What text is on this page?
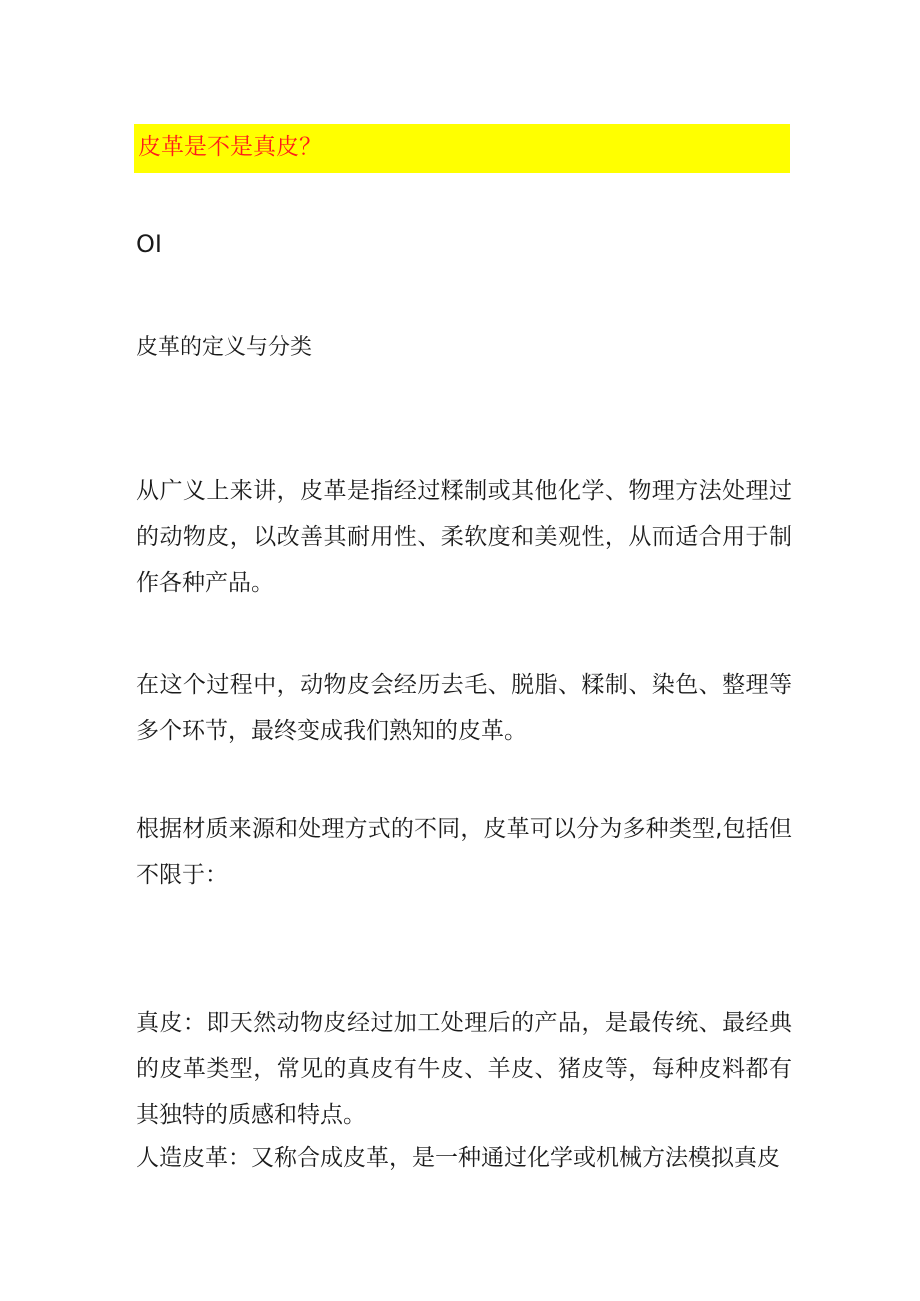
皮革是不是真皮？
OI
皮革的定义与分类

从广义上来讲，皮革是指经过糅制或其他化学、物理方法处理过的动物皮，以改善其耐用性、柔软度和美观性，从而适合用于制作各种产品。

在这个过程中，动物皮会经历去毛、脱脂、糅制、染色、整理等多个环节，最终变成我们熟知的皮革。

根据材质来源和处理方式的不同，皮革可以分为多种类型,包括但不限于：

真皮：即天然动物皮经过加工处理后的产品，是最传统、最经典的皮革类型，常见的真皮有牛皮、羊皮、猪皮等，每种皮料都有其独特的质感和特点。

人造皮革：又称合成皮革，是一种通过化学或机械方法模拟真皮
